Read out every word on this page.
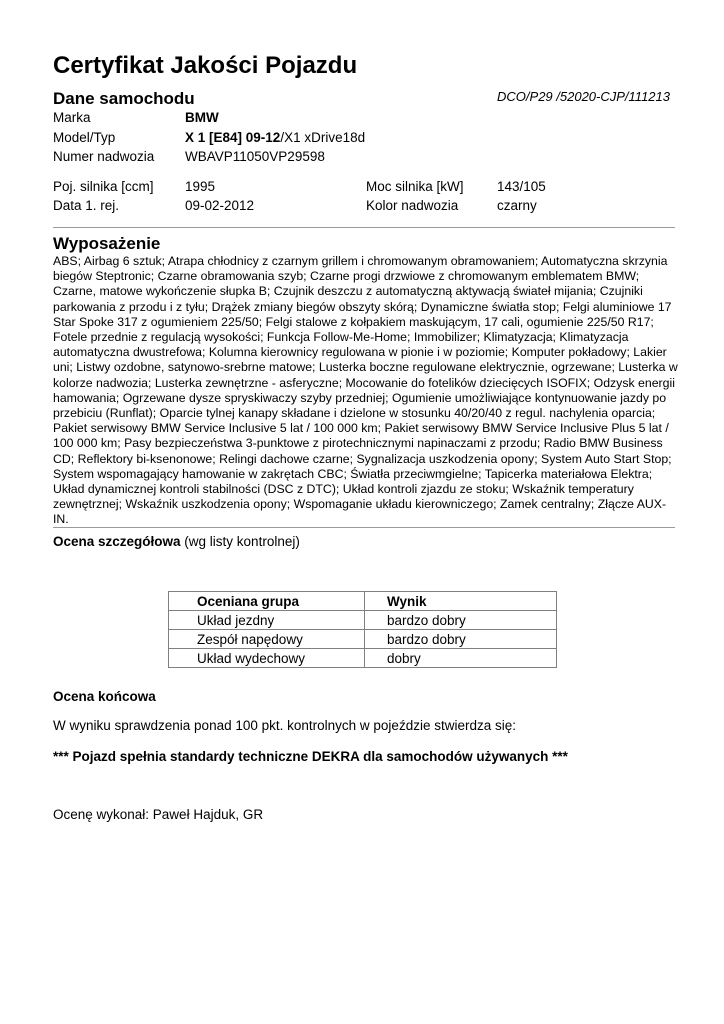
Certyfikat Jakości Pojazdu
Dane samochodu	DCO/P29 /52020-CJP/111213
Marka	BMW
Model/Typ	X 1 [E84] 09-12/X1 xDrive18d
Numer nadwozia WBAVP11050VP29598
Poj. silnika [ccm] 1995	Moc silnika [kW] 143/105
Data 1. rej.	09-02-2012	Kolor nadwozia	czarny
Wyposażenie
ABS; Airbag 6 sztuk; Atrapa chłodnicy z czarnym grillem i chromowanym obramowaniem; Automatyczna skrzynia biegów Steptronic; Czarne obramowania szyb; Czarne progi drzwiowe z chromowanym emblematem BMW; Czarne, matowe wykończenie słupka B; Czujnik deszczu z automatyczną aktywacją świateł mijania; Czujniki parkowania z przodu i z tyłu; Drążek zmiany biegów obszyty skórą; Dynamiczne światła stop; Felgi aluminiowe 17 Star Spoke 317 z ogumieniem 225/50; Felgi stalowe z kołpakiem maskującym, 17 cali, ogumienie 225/50 R17; Fotele przednie z regulacją wysokości; Funkcja Follow-Me-Home; Immobilizer; Klimatyzacja; Klimatyzacja automatyczna dwustrefowa; Kolumna kierownicy regulowana w pionie i w poziomie; Komputer pokładowy; Lakier uni; Listwy ozdobne, satynowo-srebrne matowe; Lusterka boczne regulowane elektrycznie, ogrzewane; Lusterka w kolorze nadwozia; Lusterka zewnętrzne - asferyczne; Mocowanie do fotelików dziecięcych ISOFIX; Odzysk energii hamowania; Ogrzewane dysze spryskiwaczy szyby przedniej; Ogumienie umożliwiające kontynuowanie jazdy po przebiciu (Runflat); Oparcie tylnej kanapy składane i dzielone w stosunku 40/20/40 z regul. nachylenia oparcia; Pakiet serwisowy BMW Service Inclusive 5 lat / 100 000 km; Pakiet serwisowy BMW Service Inclusive Plus 5 lat / 100 000 km; Pasy bezpieczeństwa 3-punktowe z pirotechnicznymi napinaczami z przodu; Radio BMW Business CD; Reflektory bi-ksenonowe; Relingi dachowe czarne; Sygnalizacja uszkodzenia opony; System Auto Start Stop; System wspomagający hamowanie w zakrętach CBC; Światła przeciwmgielne; Tapicerka materiałowa Elektra; Układ dynamicznej kontroli stabilności (DSC z DTC); Układ kontroli zjazdu ze stoku; Wskaźnik temperatury zewnętrznej; Wskaźnik uszkodzenia opony; Wspomaganie układu kierowniczego; Zamek centralny; Złącze AUX-IN.
Ocena szczegółowa (wg listy kontrolnej)
Oceniana grupa	Wynik
Układ jezdny	bardzo dobry
Zespół napędowy	bardzo dobry
Układ wydechowy	dobry
Ocena końcowa
W wyniku sprawdzenia ponad 100 pkt. kontrolnych w pojeździe stwierdza się:
*** Pojazd spełnia standardy techniczne DEKRA dla samochodów używanych ***
Ocenę wykonał: Paweł Hajduk, GR
